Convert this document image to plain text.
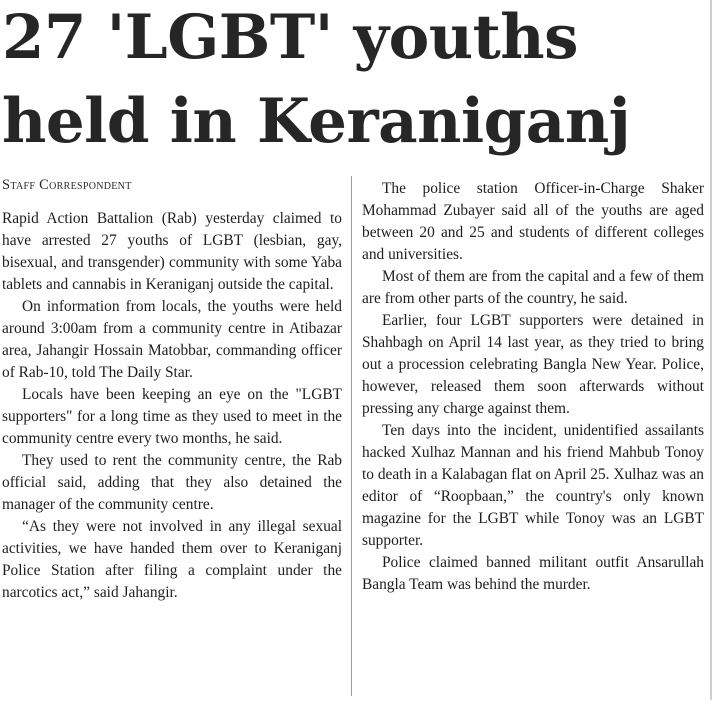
27 'LGBT' youths held in Keraniganj
Staff Correspondent

Rapid Action Battalion (Rab) yesterday claimed to have arrested 27 youths of LGBT (lesbian, gay, bisexual, and transgender) community with some Yaba tablets and cannabis in Keraniganj outside the capital.

On information from locals, the youths were held around 3:00am from a community centre in Atibazar area, Jahangir Hossain Matobbar, commanding officer of Rab-10, told The Daily Star.

Locals have been keeping an eye on the "LGBT supporters" for a long time as they used to meet in the community centre every two months, he said.

They used to rent the community centre, the Rab official said, adding that they also detained the manager of the community centre.

“As they were not involved in any illegal sexual activities, we have handed them over to Keraniganj Police Station after filing a complaint under the narcotics act,” said Jahangir.

The police station Officer-in-Charge Shaker Mohammad Zubayer said all of the youths are aged between 20 and 25 and students of different colleges and universities.

Most of them are from the capital and a few of them are from other parts of the country, he said.

Earlier, four LGBT supporters were detained in Shahbagh on April 14 last year, as they tried to bring out a procession celebrating Bangla New Year. Police, however, released them soon afterwards without pressing any charge against them.

Ten days into the incident, unidentified assailants hacked Xulhaz Mannan and his friend Mahbub Tonoy to death in a Kalabagan flat on April 25. Xulhaz was an editor of “Roopbaan,” the country's only known magazine for the LGBT while Tonoy was an LGBT supporter.

Police claimed banned militant outfit Ansarullah Bangla Team was behind the murder.
